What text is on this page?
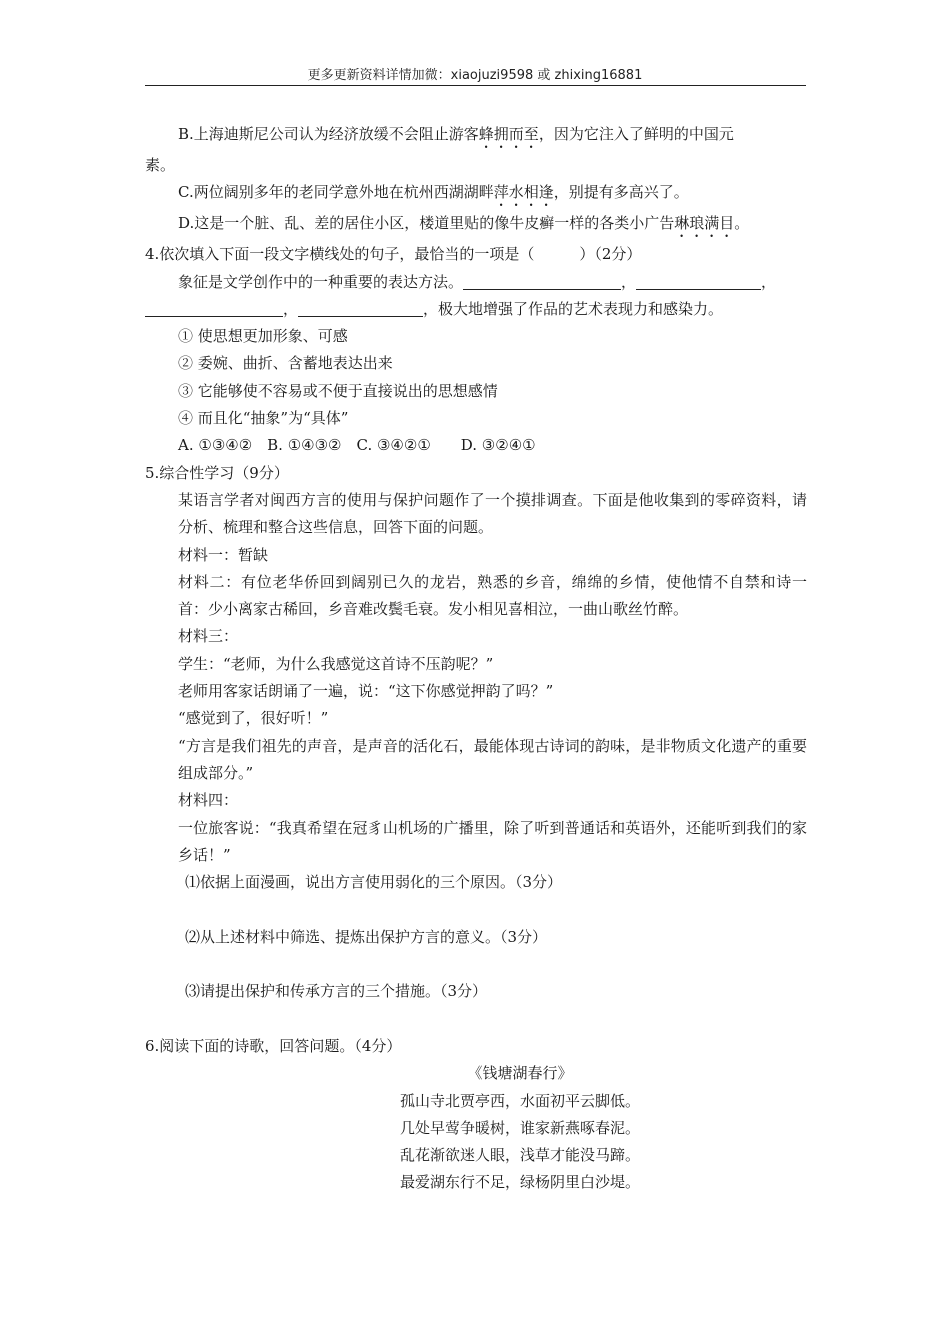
更多更新资料详情加微：xiaojuzi9598 或 zhixing16881

B.上海迪斯尼公司认为经济放缓不会阻止游客蜂拥而至，因为它注入了鲜明的中国元

素。

C.两位阔别多年的老同学意外地在杭州西湖湖畔萍水相逢，别提有多高兴了。

D.这是一个脏、乱、差的居住小区，楼道里贴的像牛皮癣一样的各类小广告琳琅满目。

4.依次填入下面一段文字横线处的句子，最恰当的一项是（　　　）（2分）

象征是文学创作中的一种重要的表达方法。	，	，

，	，极大地增强了作品的艺术表现力和感染力。

① 使思想更加形象、可感

② 委婉、曲折、含蓄地表达出来

③ 它能够使不容易或不便于直接说出的思想感情

④ 而且化“抽象”为“具体”

A. ①③④②　B. ①④③②　C. ③④②①　　D. ③②④①

5.综合性学习（9分）

某语言学者对闽西方言的使用与保护问题作了一个摸排调查。下面是他收集到的零碎资料，请分析、梳理和整合这些信息，回答下面的问题。

材料一：暂缺

材料二：有位老华侨回到阔别已久的龙岩，熟悉的乡音，绵绵的乡情，使他情不自禁和诗一首：少小离家古稀回，乡音难改鬓毛衰。发小相见喜相泣，一曲山歌丝竹醉。

材料三：

学生：“老师，为什么我感觉这首诗不压韵呢？”

老师用客家话朗诵了一遍，说：“这下你感觉押韵了吗？”

“感觉到了，很好听！”

“方言是我们祖先的声音，是声音的活化石，最能体现古诗词的韵味，是非物质文化遗产的重要组成部分。”

材料四：

一位旅客说：“我真希望在冠豸山机场的广播里，除了听到普通话和英语外，还能听到我们的家乡话！”

⑴依据上面漫画，说出方言使用弱化的三个原因。（3分）

⑵从上述材料中筛选、提炼出保护方言的意义。（3分）

⑶请提出保护和传承方言的三个措施。（3分）

6.阅读下面的诗歌，回答问题。（4分）

《钱塘湖春行》

孤山寺北贾亭西，水面初平云脚低。

几处早莺争暖树，谁家新燕啄春泥。

乱花渐欲迷人眼，浅草才能没马蹄。

最爱湖东行不足，绿杨阴里白沙堤。
